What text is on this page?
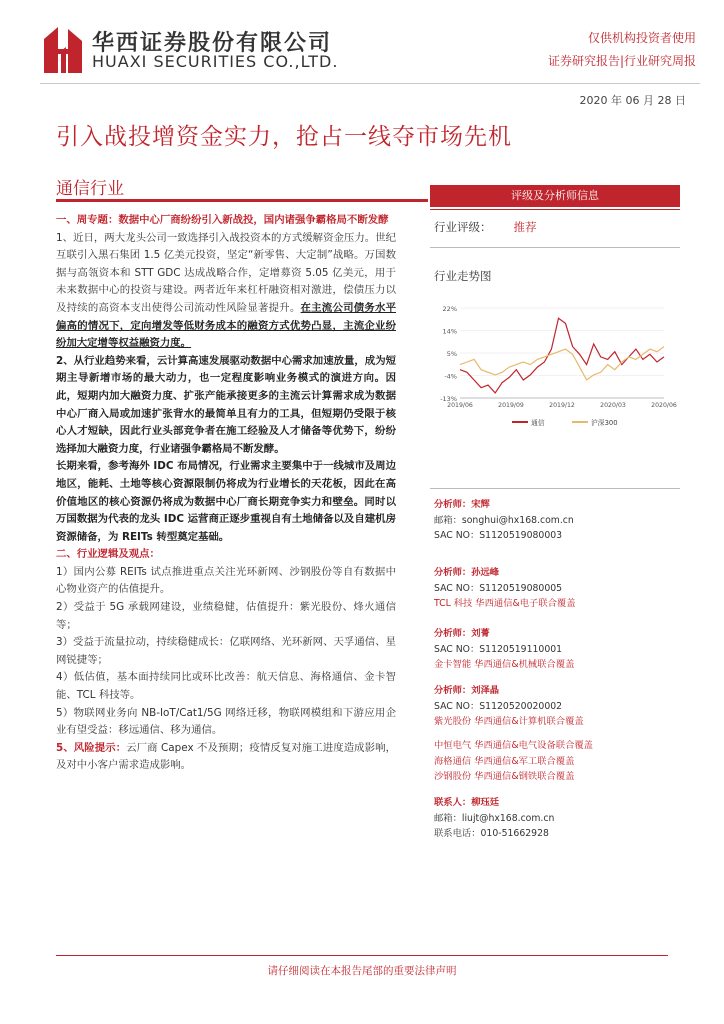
华西证券股份有限公司
HUAXI SECURITIES CO.,LTD.
仅供机构投资者使用
证券研究报告|行业研究周报
2020 年 06 月 28 日
引入战投增资金实力，抢占一线夺市场先机
通信行业

一、周专题：数据中心厂商纷纷引入新战投，国内诸强争霸格局不断发酵

1、近日，两大龙头公司一致选择引入战投资本的方式缓解资金压力。世纪互联引入黑石集团 1.5 亿美元投资，坚定“新零售、大定制”战略。万国数据与高瓴资本和 STT GDC 达成战略合作，定增募资 5.05 亿美元，用于未来数据中心的投资与建设。两者近年来杠杆融资相对激进，偿债压力以及持续的高资本支出使得公司流动性风险显著提升。在主流公司债务水平偏高的情况下，定向增发等低财务成本的融资方式优势凸显，主流企业纷纷加大定增等权益融资力度。

2、从行业趋势来看，云计算高速发展驱动数据中心需求加速放量，成为短期主导新增市场的最大动力，也一定程度影响业务模式的演进方向。因此，短期内加大融资力度、扩张产能承接更多的主流云计算需求成为数据中心厂商入局或加速扩张背水的最简单且有力的工具，但短期仍受限于核心人才短缺，因此行业头部竞争者在施工经验及人才储备等优势下，纷纷选择加大融资力度，行业诸强争霸格局不断发酵。

长期来看，参考海外 IDC 布局情况，行业需求主要集中于一线城市及周边地区，能耗、土地等核心资源限制仍将成为行业增长的天花板，因此在高价值地区的核心资源仍将成为数据中心厂商长期竞争实力和壁垒。同时以万国数据为代表的龙头 IDC 运营商正逐步重视自有土地储备以及自建机房资源储备，为 REITs 转型奠定基础。

二、行业逻辑及观点：

1）国内公募 REITs 试点推进重点关注光环新网、沙钢股份等自有数据中心物业资产的估值提升。

2）受益于 5G 承载网建设，业绩稳健，估值提升：紫光股份、烽火通信等；

3）受益于流量拉动，持续稳健成长：亿联网络、光环新网、天孚通信、星网锐捷等；

4）低估值，基本面持续同比或环比改善：航天信息、海格通信、金卡智能、TCL 科技等。

5）物联网业务向 NB-IoT/Cat1/5G 网络迁移，物联网模组和下游应用企业有望受益：移远通信、移为通信。

5、风险提示：云厂商 Capex 不及预期；疫情反复对施工进度造成影响，及对中小客户需求造成影响。

评级及分析师信息
行业评级： 推荐
行业走势图
22%
14%
5%
-4%
-13%
2019/06	2019/09	2019/12	2020/03	2020/06
通信	沪深300
分析师：宋辉
邮箱：songhui@hx168.com.cn
SAC NO：S1120519080003
分析师：孙远峰
SAC NO：S1120519080005
TCL 科技 华西通信&电子联合覆盖
分析师：刘菁
SAC NO：S1120519110001
金卡智能 华西通信&机械联合覆盖
分析师：刘泽晶
SAC NO：S1120520020002
紫光股份 华西通信&计算机联合覆盖
中恒电气 华西通信&电气设备联合覆盖
海格通信 华西通信&军工联合覆盖
沙钢股份 华西通信&钢铁联合覆盖
联系人：柳珏廷
邮箱：liujt@hx168.com.cn
联系电话：010-51662928
请仔细阅读在本报告尾部的重要法律声明
